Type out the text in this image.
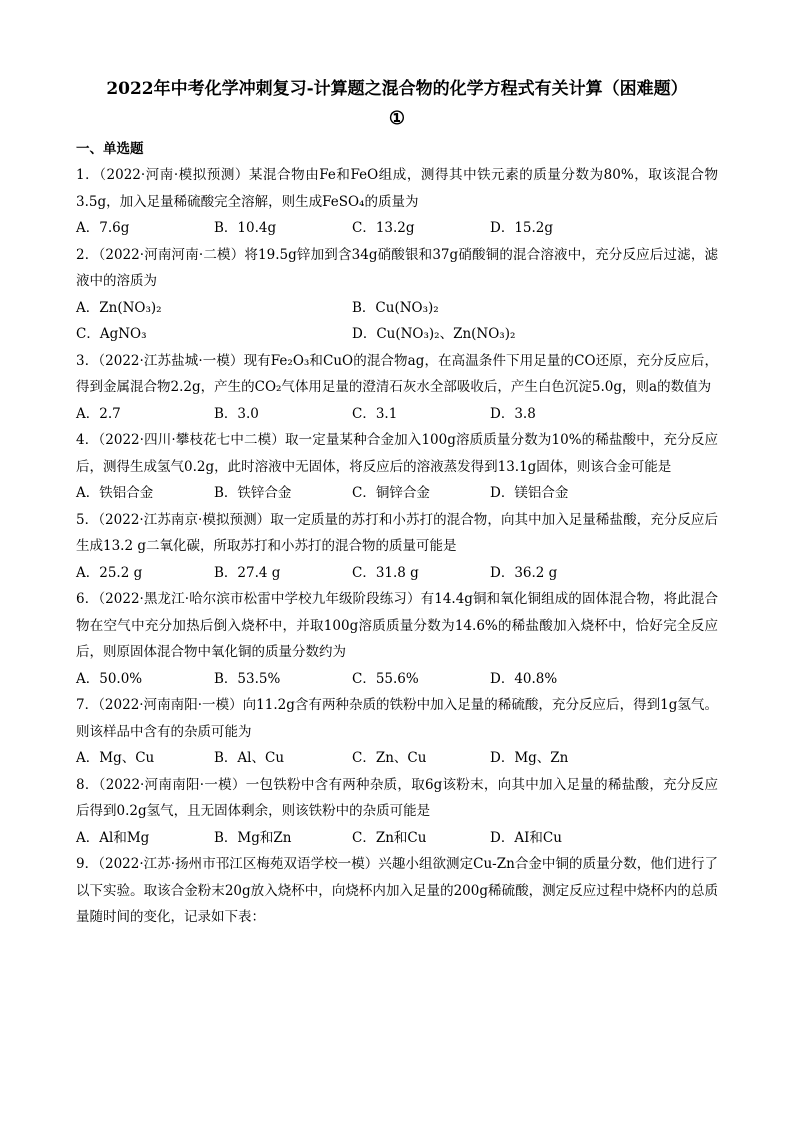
2022年中考化学冲刺复习-计算题之混合物的化学方程式有关计算（困难题）
①
一、单选题
1．（2022·河南·模拟预测）某混合物由Fe和FeO组成，测得其中铁元素的质量分数为80%，取该混合物3.5g，加入足量稀硫酸完全溶解，则生成FeSO₄的质量为
A．7.6g	B．10.4g	C．13.2g	D．15.2g
2．（2022·河南河南·二模）将19.5g锌加到含34g硝酸银和37g硝酸铜的混合溶液中，充分反应后过滤，滤液中的溶质为
A．Zn(NO₃)₂	B．Cu(NO₃)₂
C．AgNO₃	D．Cu(NO₃)₂、Zn(NO₃)₂
3．（2022·江苏盐城·一模）现有Fe₂O₃和CuO的混合物ag，在高温条件下用足量的CO还原，充分反应后，得到金属混合物2.2g，产生的CO₂气体用足量的澄清石灰水全部吸收后，产生白色沉淀5.0g，则a的数值为
A．2.7	B．3.0	C．3.1	D．3.8
4．（2022·四川·攀枝花七中二模）取一定量某种合金加入100g溶质质量分数为10%的稀盐酸中，充分反应后，测得生成氢气0.2g，此时溶液中无固体，将反应后的溶液蒸发得到13.1g固体，则该合金可能是
A．铁铝合金	B．铁锌合金	C．铜锌合金	D．镁铝合金
5．（2022·江苏南京·模拟预测）取一定质量的苏打和小苏打的混合物，向其中加入足量稀盐酸，充分反应后生成13.2 g二氧化碳，所取苏打和小苏打的混合物的质量可能是
A．25.2 g	B．27.4 g	C．31.8 g	D．36.2 g
6．（2022·黑龙江·哈尔滨市松雷中学校九年级阶段练习）有14.4g铜和氧化铜组成的固体混合物，将此混合物在空气中充分加热后倒入烧杯中，并取100g溶质质量分数为14.6%的稀盐酸加入烧杯中，恰好完全反应后，则原固体混合物中氧化铜的质量分数约为
A．50.0%	B．53.5%	C．55.6%	D．40.8%
7．（2022·河南南阳·一模）向11.2g含有两种杂质的铁粉中加入足量的稀硫酸，充分反应后，得到1g氢气。则该样品中含有的杂质可能为
A．Mg、Cu	B．Al、Cu	C．Zn、Cu	D．Mg、Zn
8．（2022·河南南阳·一模）一包铁粉中含有两种杂质，取6g该粉末，向其中加入足量的稀盐酸，充分反应后得到0.2g氢气，且无固体剩余，则该铁粉中的杂质可能是
A．Al和Mg	B．Mg和Zn	C．Zn和Cu	D．AI和Cu
9．（2022·江苏·扬州市邗江区梅苑双语学校一模）兴趣小组欲测定Cu-Zn合金中铜的质量分数，他们进行了以下实验。取该合金粉末20g放入烧杯中，向烧杯内加入足量的200g稀硫酸，测定反应过程中烧杯内的总质量随时间的变化，记录如下表：
